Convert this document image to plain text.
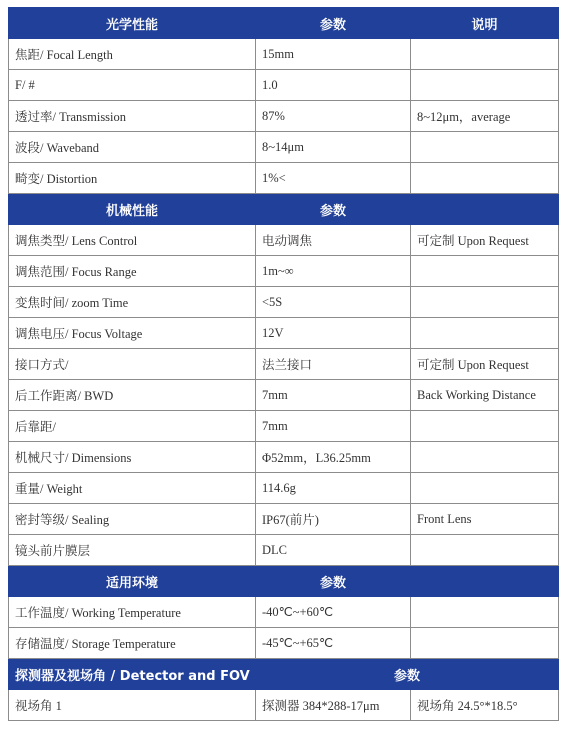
光学性能	参数	说明
焦距/ Focal Length	15mm	
F/ #	1.0	
透过率/ Transmission	87%	8~12μm，average
波段/ Waveband	8~14μm	
畸变/ Distortion	1%<	
机械性能	参数	
调焦类型/ Lens Control	电动调焦	可定制 Upon Request
调焦范围/ Focus Range	1m~∞	
变焦时间/ zoom Time	<5S	
调焦电压/ Focus Voltage	12V	
接口方式/	法兰接口	可定制 Upon Request
后工作距离/ BWD	7mm	Back Working Distance
后靠距/	7mm	
机械尺寸/ Dimensions	Φ52mm，L36.25mm	
重量/ Weight	114.6g	
密封等级/ Sealing	IP67(前片)	Front Lens
镜头前片膜层	DLC	
适用环境	参数	
工作温度/ Working Temperature	-40℃~+60℃	
存储温度/ Storage Temperature	-45℃~+65℃	
探测器及视场角 / Detector and FOV	参数	
视场角 1	探测器 384*288-17μm	视场角 24.5°*18.5°
